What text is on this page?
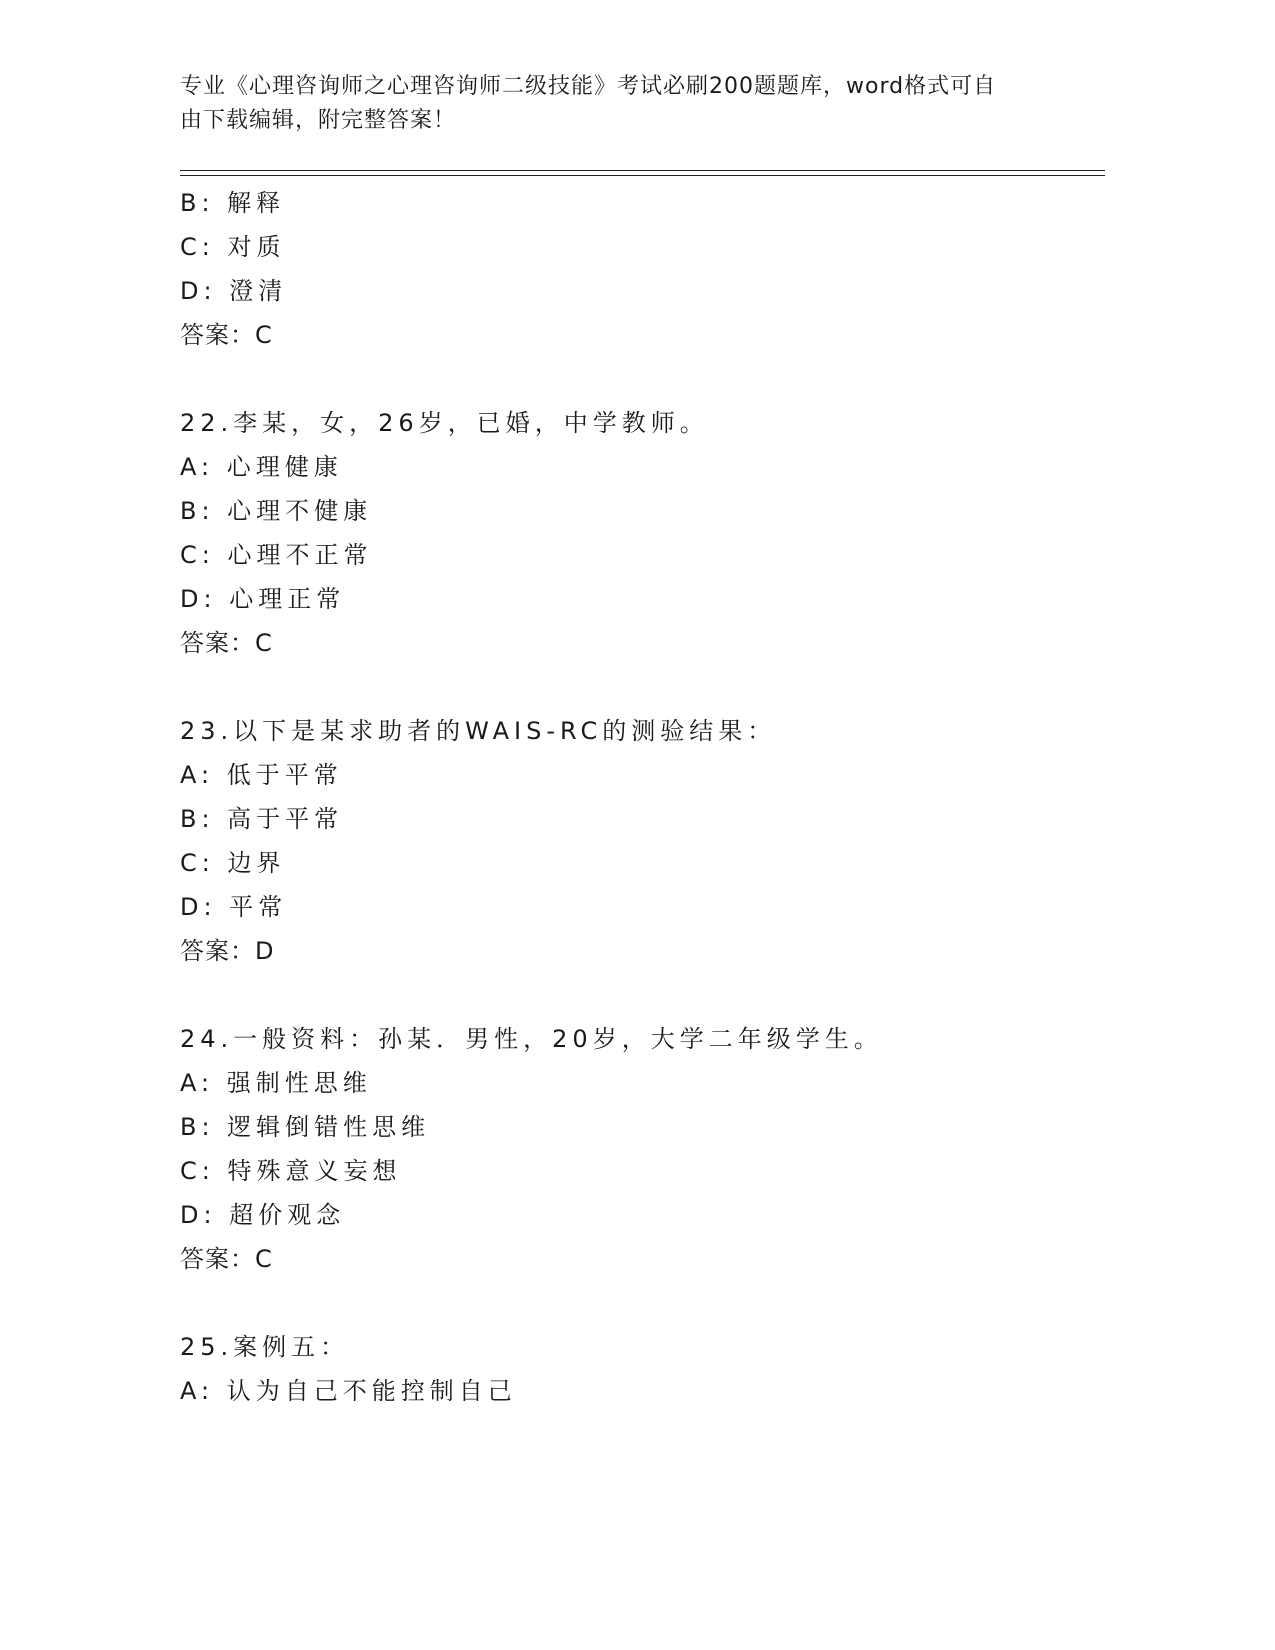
专业《心理咨询师之心理咨询师二级技能》考试必刷200题题库，word格式可自
由下载编辑，附完整答案！
B: 解释
C: 对质
D: 澄清
答案：C
22.李某，女，26岁，已婚，中学教师。
A: 心理健康
B: 心理不健康
C: 心理不正常
D: 心理正常
答案：C
23.以下是某求助者的WAIS-RC的测验结果：
A: 低于平常
B: 高于平常
C: 边界
D: 平常
答案：D
24.一般资料：孙某．男性，20岁，大学二年级学生。
A: 强制性思维
B: 逻辑倒错性思维
C: 特殊意义妄想
D: 超价观念
答案：C
25.案例五：
A: 认为自己不能控制自己
